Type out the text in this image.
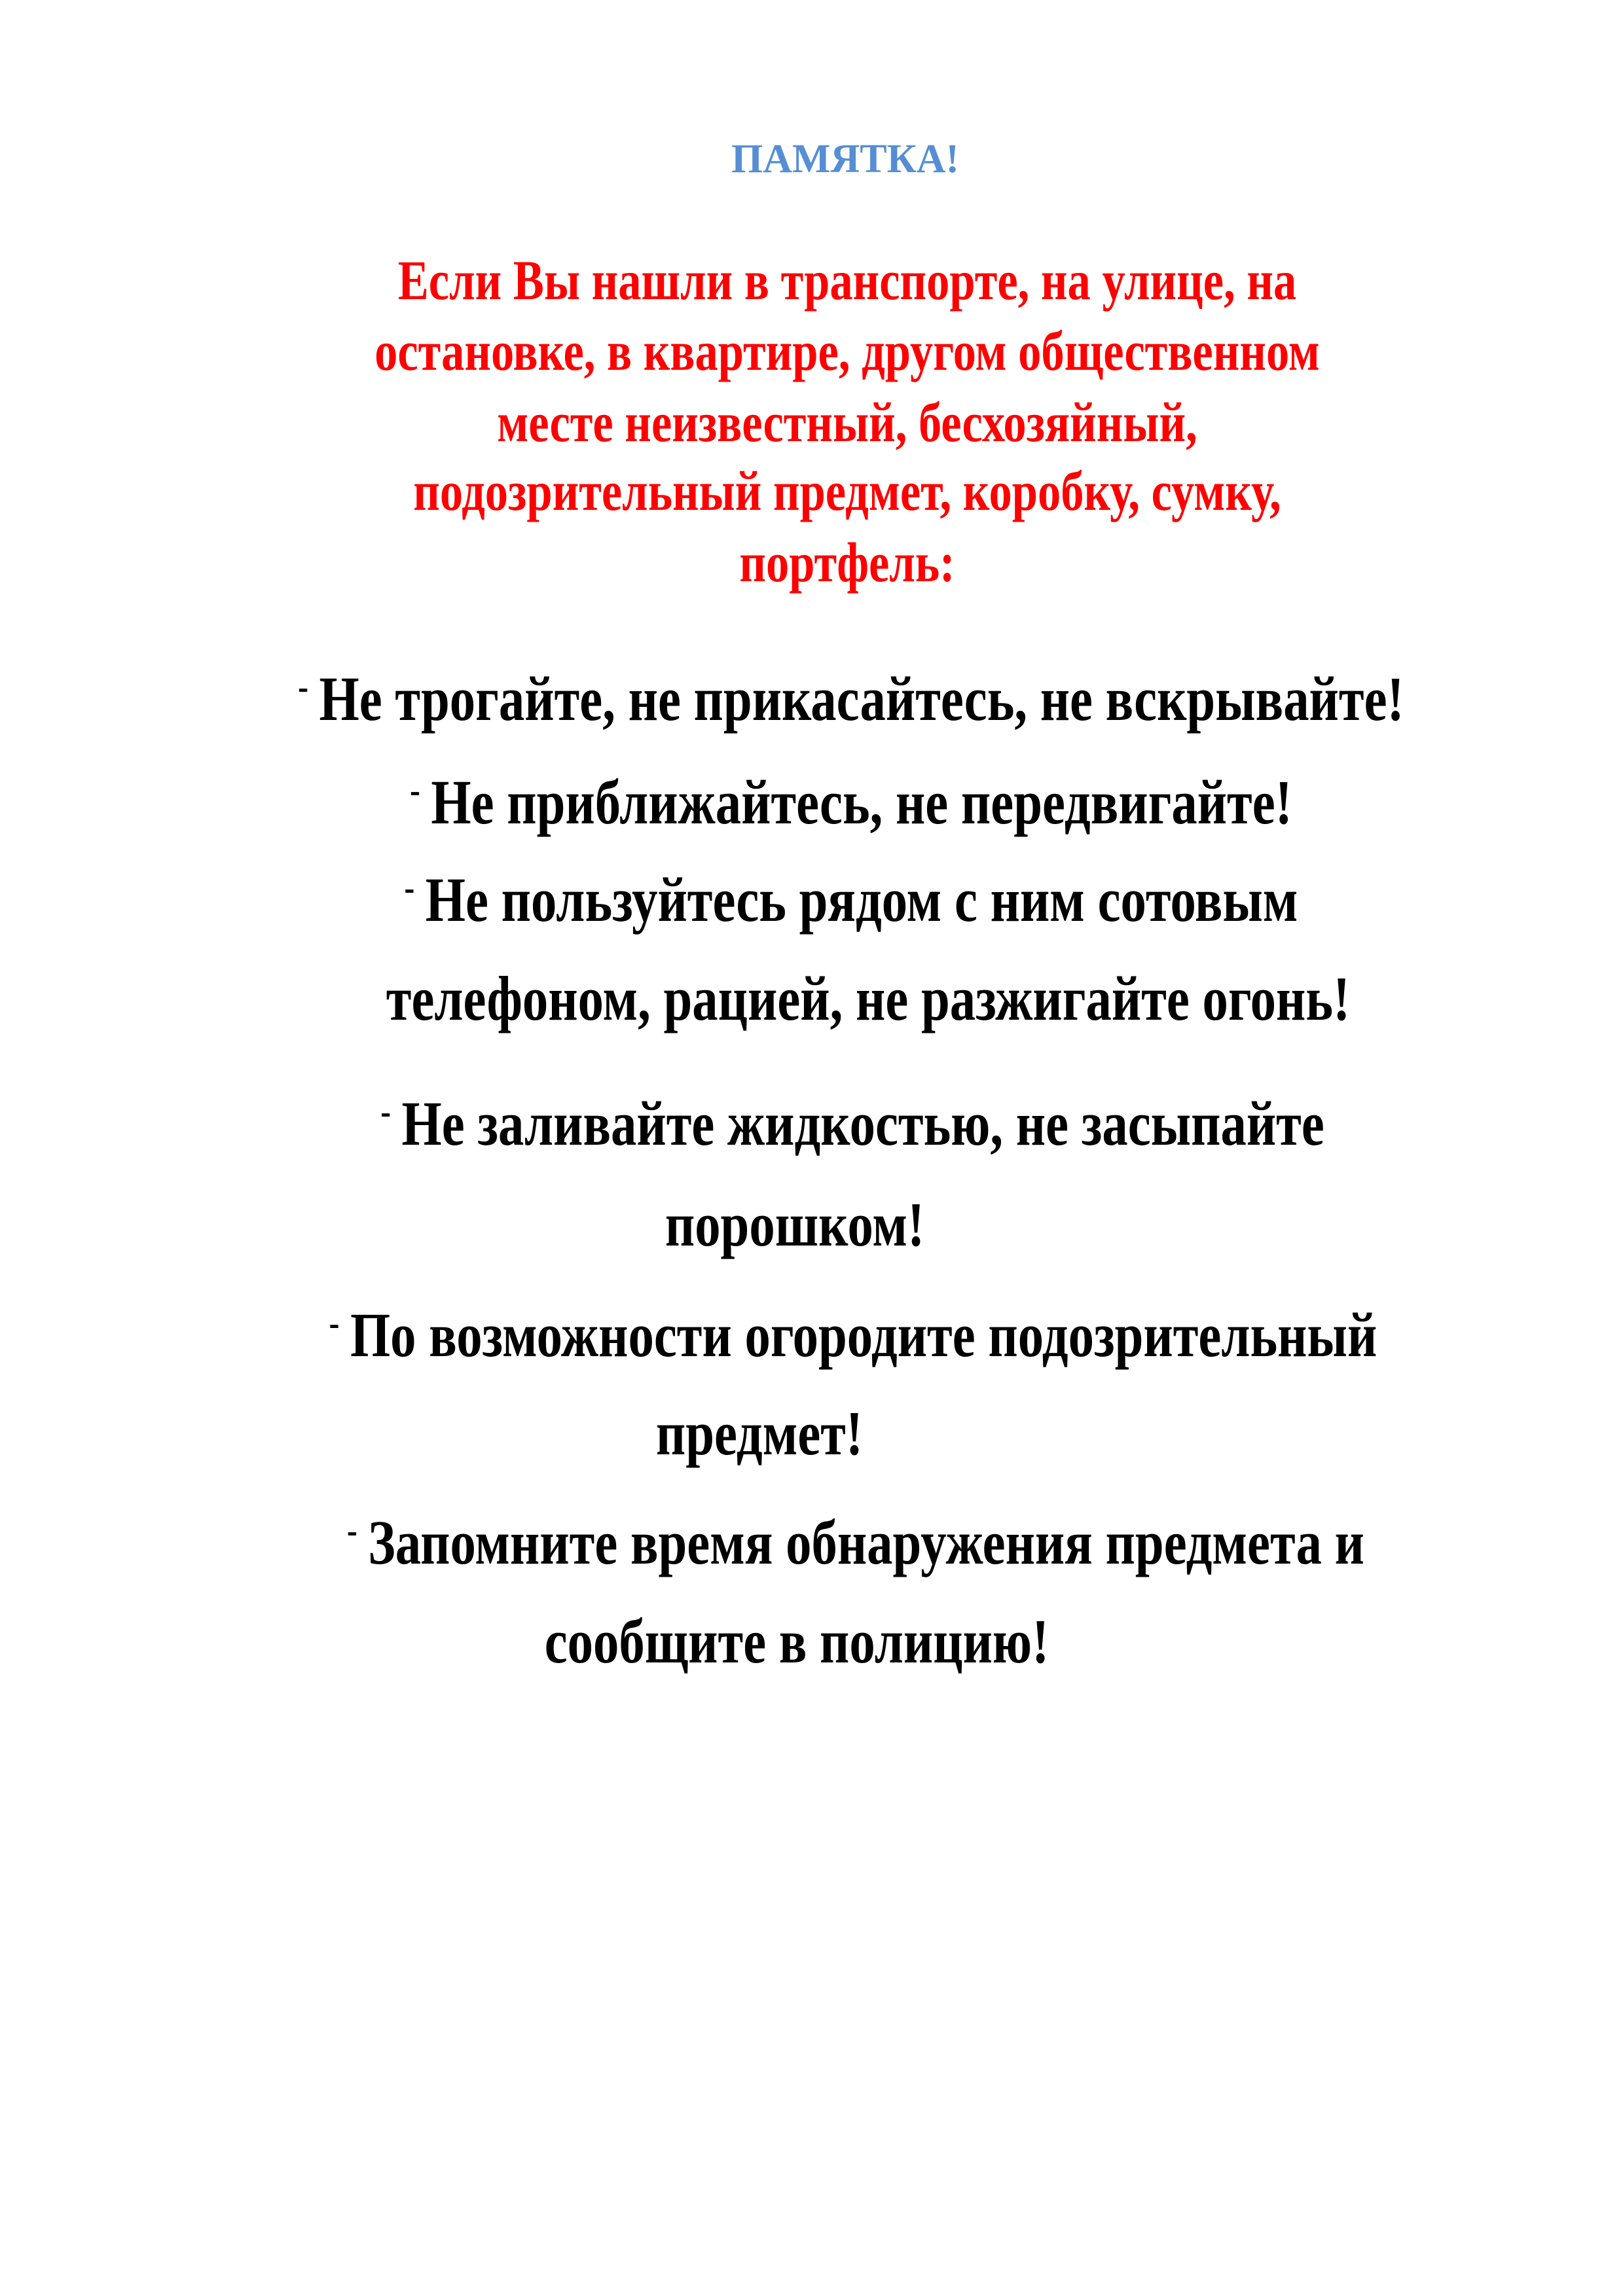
ПАМЯТКА!
Если Вы нашли в транспорте, на улице, на
остановке, в квартире, другом общественном
месте неизвестный, бесхозяйный,
подозрительный предмет, коробку, сумку,
портфель:
- Не трогайте, не прикасайтесь, не вскрывайте!
- Не приближайтесь, не передвигайте!
- Не пользуйтесь рядом с ним сотовым
телефоном, рацией, не разжигайте огонь!
- Не заливайте жидкостью, не засыпайте
порошком!
- По возможности огородите подозрительный
предмет!
- Запомните время обнаружения предмета и
сообщите в полицию!
